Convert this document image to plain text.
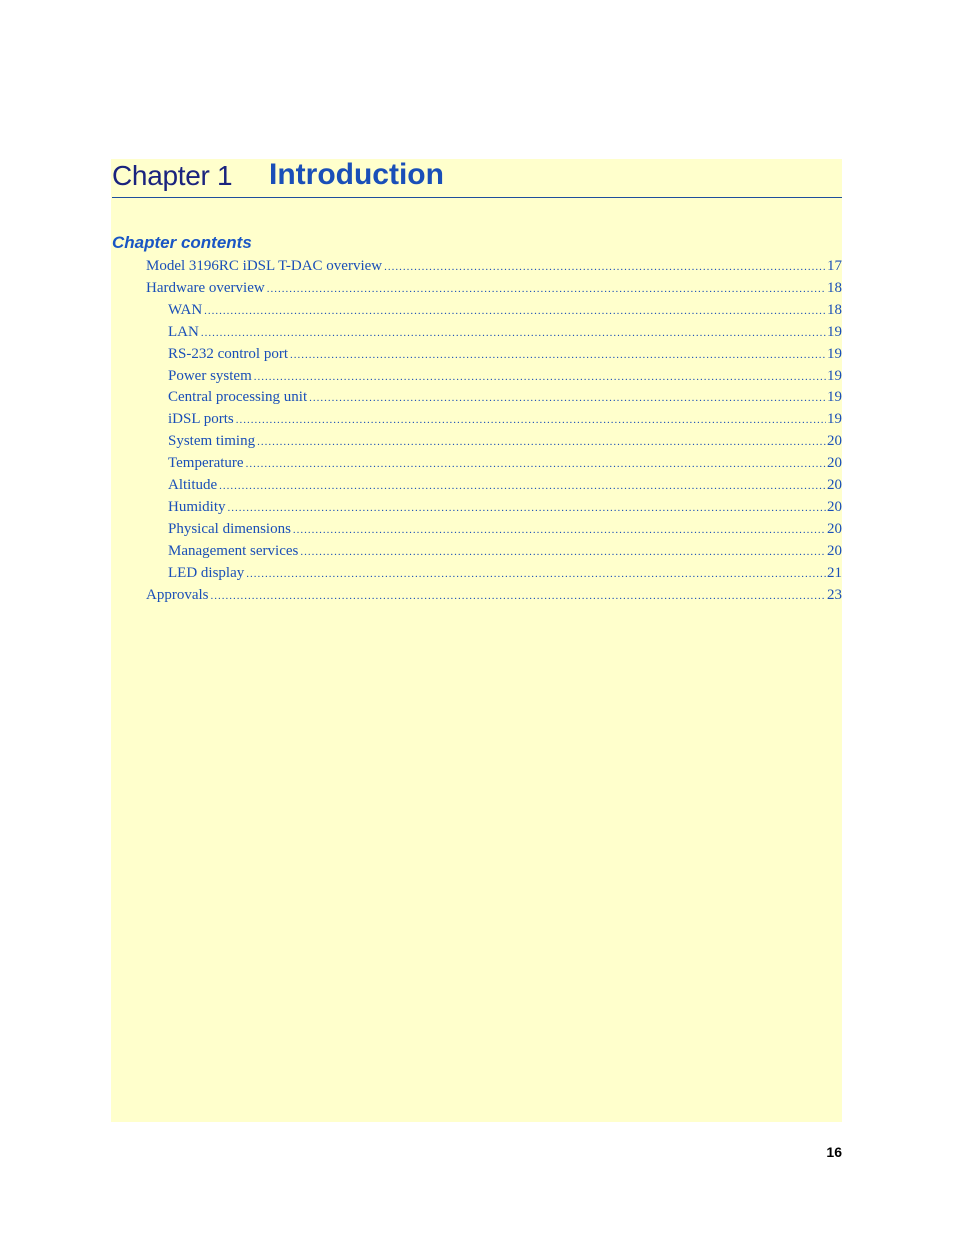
Chapter 1 Introduction
Chapter contents
Model 3196RC iDSL T-DAC overview .....	17
Hardware overview .....	18
WAN .....	18
LAN .....	19
RS-232 control port .....	19
Power system .....	19
Central processing unit .....	19
iDSL ports .....	19
System timing .....	20
Temperature .....	20
Altitude .....	20
Humidity .....	20
Physical dimensions .....	20
Management services .....	20
LED display .....	21
Approvals .....	23
16
